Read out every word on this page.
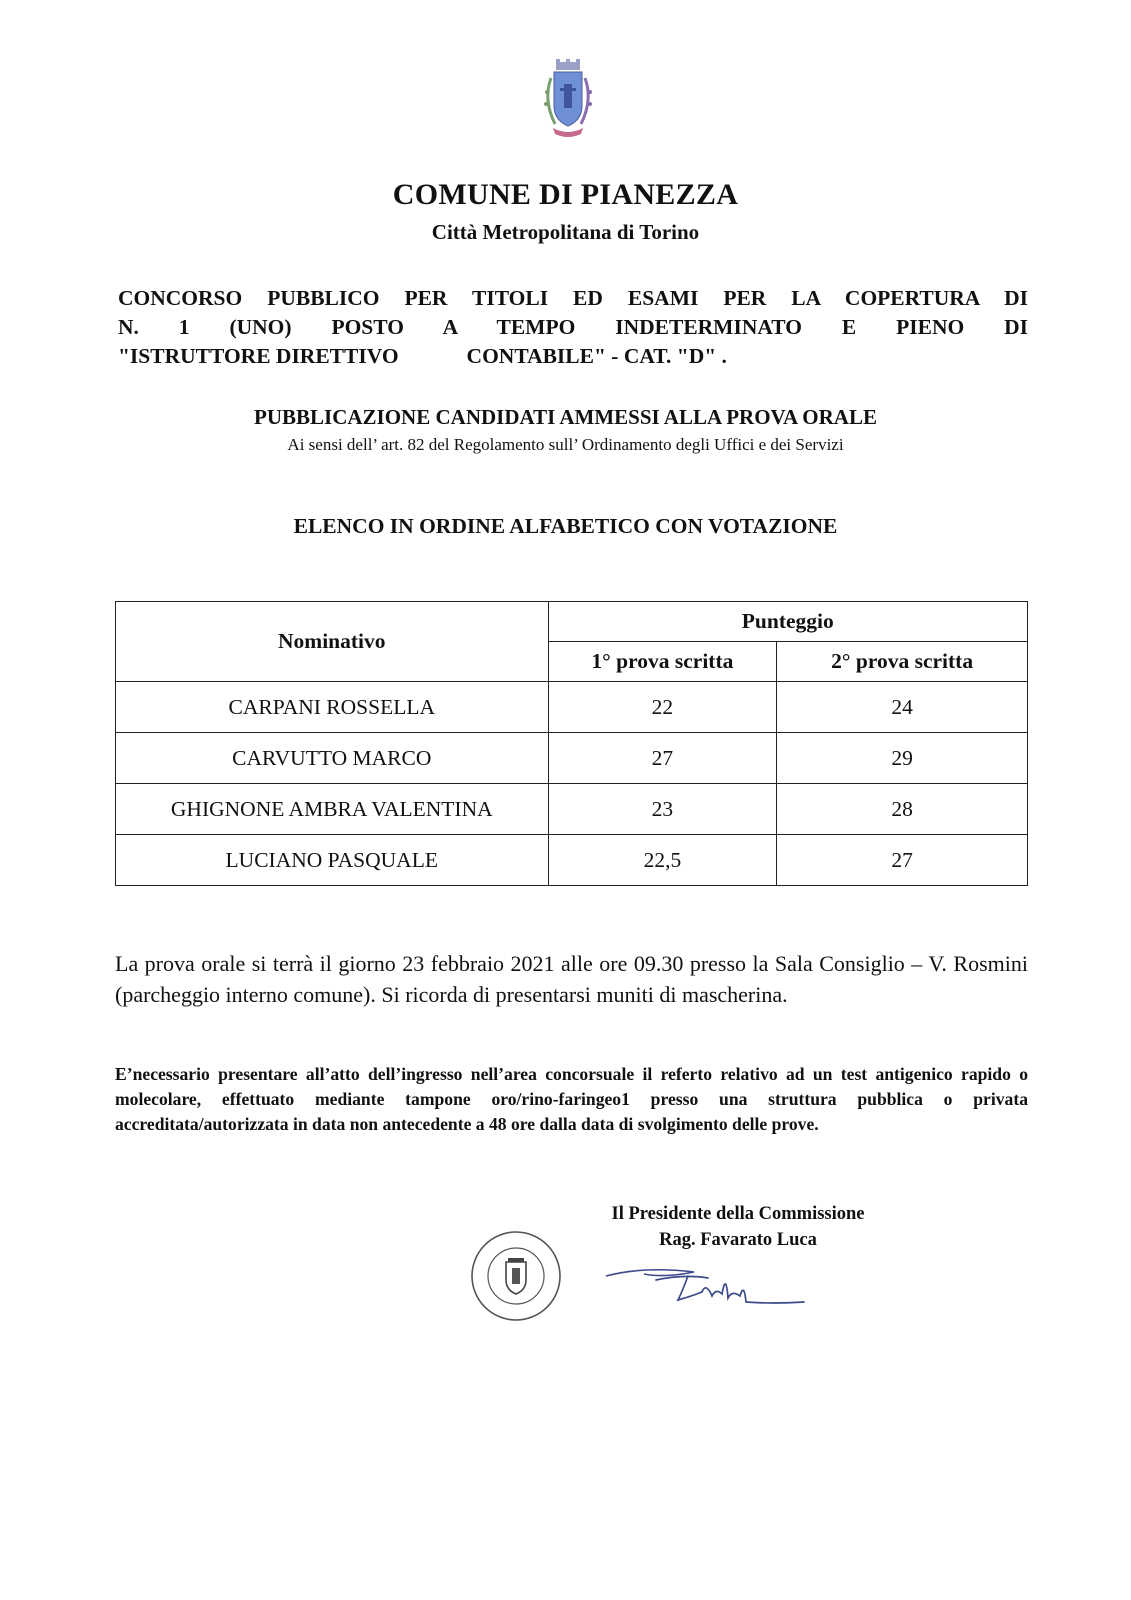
COMUNE DI PIANEZZA
Città Metropolitana di Torino
CONCORSO PUBBLICO PER TITOLI ED ESAMI PER LA COPERTURA DI
N. 1 (UNO) POSTO A TEMPO INDETERMINATO E PIENO DI
"ISTRUTTORE DIRETTIVO	CONTABILE" - CAT. "D" .
PUBBLICAZIONE CANDIDATI AMMESSI ALLA PROVA ORALE
Ai sensi dell’ art. 82 del Regolamento sull’ Ordinamento degli Uffici e dei Servizi
ELENCO IN ORDINE ALFABETICO CON VOTAZIONE
Nominativo	Punteggio	
	1° prova scritta	2° prova scritta
CARPANI ROSSELLA	22	24
CARVUTTO MARCO	27	29
GHIGNONE AMBRA VALENTINA	23	28
LUCIANO PASQUALE	22,5	27
La prova orale si terrà il giorno 23 febbraio 2021 alle ore 09.30 presso la Sala Consiglio – V. Rosmini (parcheggio interno comune). Si ricorda di presentarsi muniti di mascherina.
E’necessario presentare all’atto dell’ingresso nell’area concorsuale il referto relativo ad un test antigenico rapido o molecolare, effettuato mediante tampone oro/rino-faringeo1 presso una struttura pubblica o privata accreditata/autorizzata in data non antecedente a 48 ore dalla data di svolgimento delle prove.
Il Presidente della Commissione
Rag. Favarato Luca
